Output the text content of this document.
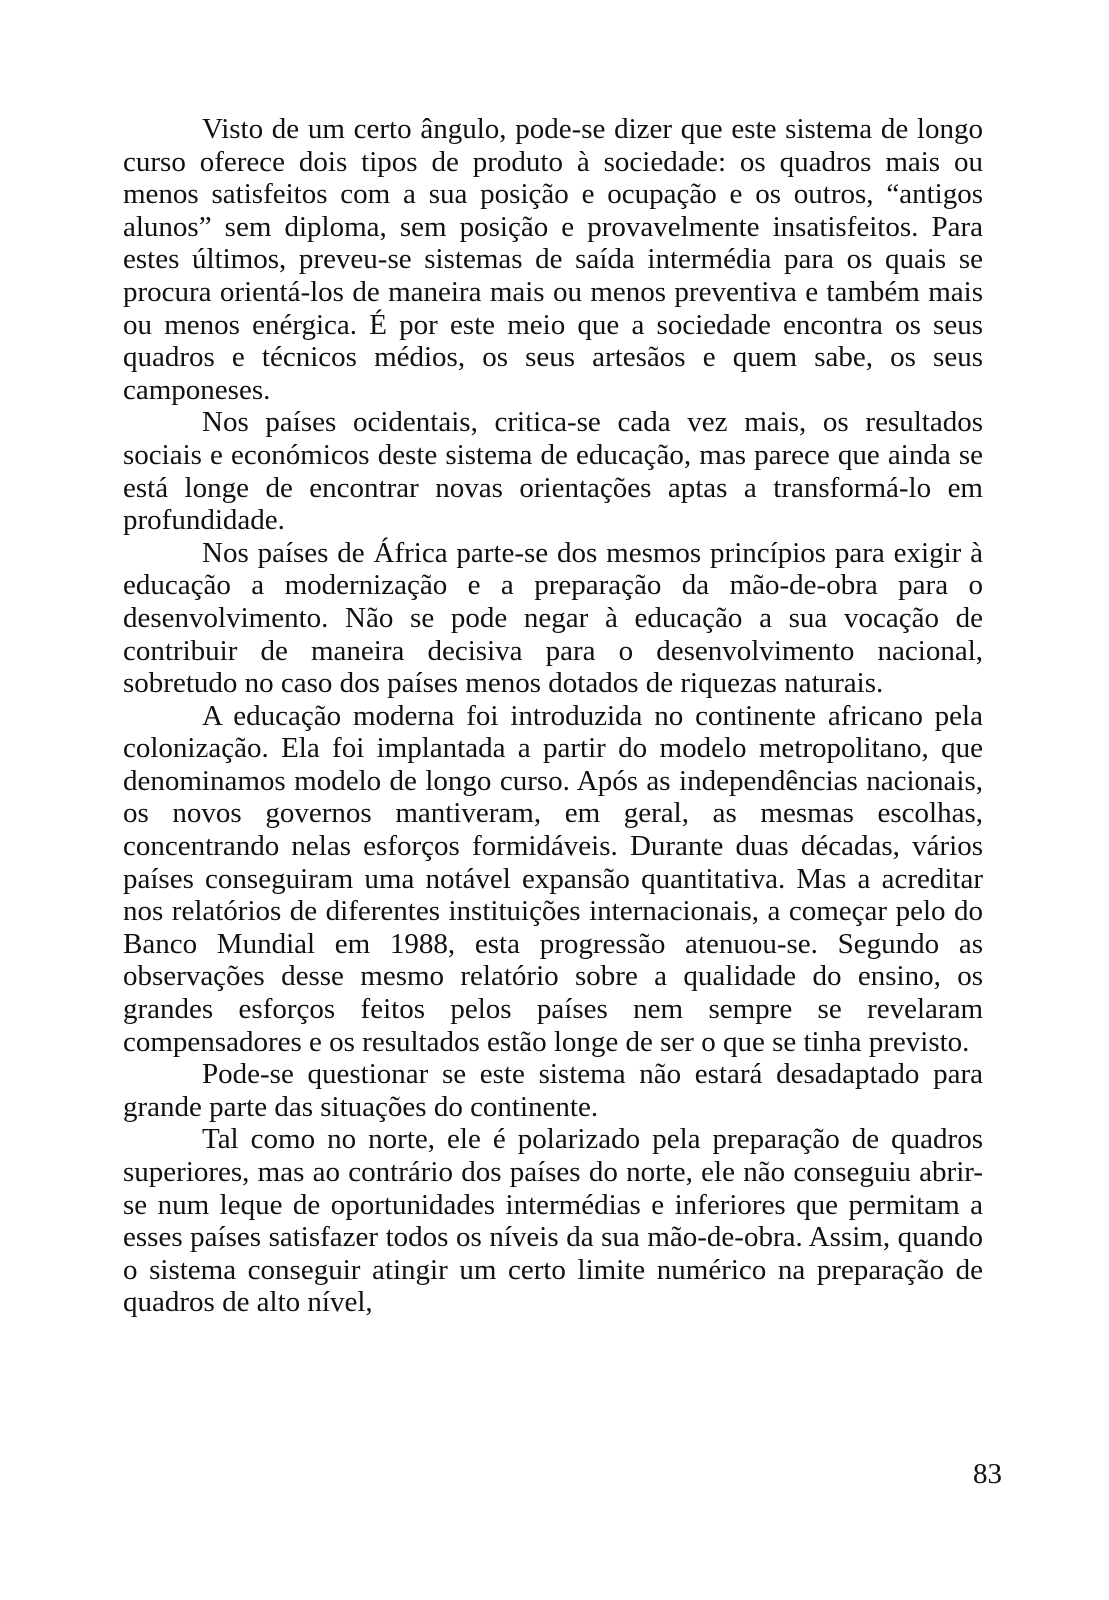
Visto de um certo ângulo, pode-se dizer que este sistema de longo curso oferece dois tipos de produto à sociedade: os quadros mais ou menos satisfeitos com a sua posição e ocupação e os outros, “antigos alunos” sem diploma, sem posição e provavelmente insatisfeitos. Para estes últimos, preveu-se sistemas de saída intermédia para os quais se procura orientá-los de maneira mais ou menos preventiva e também mais ou menos enérgica. É por este meio que a sociedade encontra os seus quadros e técnicos médios, os seus artesãos e quem sabe, os seus camponeses.

Nos países ocidentais, critica-se cada vez mais, os resultados sociais e económicos deste sistema de educação, mas parece que ainda se está longe de encontrar novas orientações aptas a transformá-lo em profundidade.

Nos países de África parte-se dos mesmos princípios para exigir à educação a modernização e a preparação da mão-de-obra para o desenvolvimento. Não se pode negar à educação a sua vocação de contribuir de maneira decisiva para o desenvolvimento nacional, sobretudo no caso dos países menos dotados de riquezas naturais.

A educação moderna foi introduzida no continente africano pela colonização. Ela foi implantada a partir do modelo metropolitano, que denominamos modelo de longo curso. Após as independências nacionais, os novos governos mantiveram, em geral, as mesmas escolhas, concentrando nelas esforços formidáveis. Durante duas décadas, vários países conseguiram uma notável expansão quantitativa. Mas a acreditar nos relatórios de diferentes instituições internacionais, a começar pelo do Banco Mundial em 1988, esta progressão atenuou-se. Segundo as observações desse mesmo relatório sobre a qualidade do ensino, os grandes esforços feitos pelos países nem sempre se revelaram compensadores e os resultados estão longe de ser o que se tinha previsto.

Pode-se questionar se este sistema não estará desadaptado para grande parte das situações do continente.

Tal como no norte, ele é polarizado pela preparação de quadros superiores, mas ao contrário dos países do norte, ele não conseguiu abrir-se num leque de oportunidades intermédias e inferiores que permitam a esses países satisfazer todos os níveis da sua mão-de-obra. Assim, quando o sistema conseguir atingir um certo limite numérico na preparação de quadros de alto nível,

83
